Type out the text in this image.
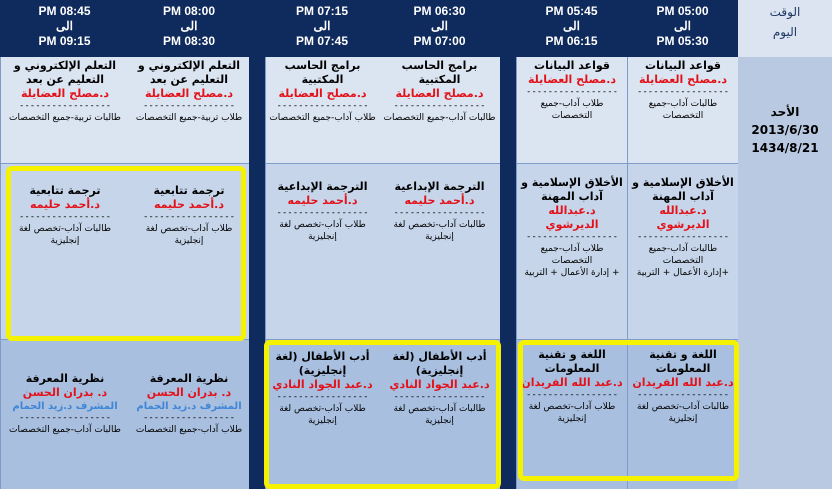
الوقت
اليوم
الأحد
2013/6/30
1434/8/21
05:00 PM
الى
05:30 PM
05:45 PM
الى
06:15 PM
06:30 PM
الى
07:00 PM
07:15 PM
الى
07:45 PM
08:00 PM
الى
08:30 PM
08:45 PM
الى
09:15 PM
قواعد البيانات
د.مصلح العضايلة
-----------------
طالبات آداب-جميع التخصصات
قواعد البيانات
د.مصلح العضايلة
-----------------
طلاب آداب-جميع التخصصات
برامج الحاسب المكتبية
د.مصلح العضايلة
-----------------
طالبات آداب-جميع التخصصات
برامج الحاسب المكتبية
د.مصلح العضايلة
-----------------
طلاب آداب-جميع التخصصات
التعلم الإلكتروني و التعليم عن بعد
د.مصلح العضايلة
-----------------
طلاب تربية-جميع التخصصات
التعلم الإلكتروني و التعليم عن بعد
د.مصلح العضايلة
-----------------
طالبات تربية-جميع التخصصات
الأخلاق الإسلامية و آداب المهنة
د.عبدالله الديرشوي
-----------------
طالبات آداب-جميع التخصصات
+إدارة الأعمال + التربية
الأخلاق الإسلامية و آداب المهنة
د.عبدالله الديرشوي
-----------------
طلاب آداب-جميع التخصصات
+ إدارة الأعمال + التربية
الترجمة الإبداعية
د.أحمد حليمه
-----------------
طالبات آداب-تخصص لغة إنجليزية
الترجمة الإبداعية
د.أحمد حليمه
-----------------
طلاب آداب-تخصص لغة إنجليزية
ترجمة تتابعية
د.أحمد حليمه
-----------------
طلاب آداب-تخصص لغة إنجليزية
ترجمة تتابعية
د.أحمد حليمه
-----------------
طالبات آداب-تخصص لغة إنجليزية
اللغة و تقنية المعلومات
د.عبد الله الفريدان
-----------------
طالبات آداب-تخصص لغة إنجليزية
اللغة و تقنية المعلومات
د.عبد الله الفريدان
-----------------
طلاب آداب-تخصص لغة إنجليزية
أدب الأطفال (لغة إنجليزية)
د.عبد الجواد النادي
-----------------
طالبات آداب-تخصص لغة إنجليزية
أدب الأطفال (لغة إنجليزية)
د.عبد الجواد النادي
-----------------
طلاب آداب-تخصص لغة إنجليزية
نظرية المعرفة
د. بدران الحسن
المشرف د.زيد الحمام
-----------------
طلاب آداب-جميع التخصصات
نظرية المعرفة
د. بدران الحسن
المشرف د.زيد الحمام
-----------------
طالبات آداب-جميع التخصصات
